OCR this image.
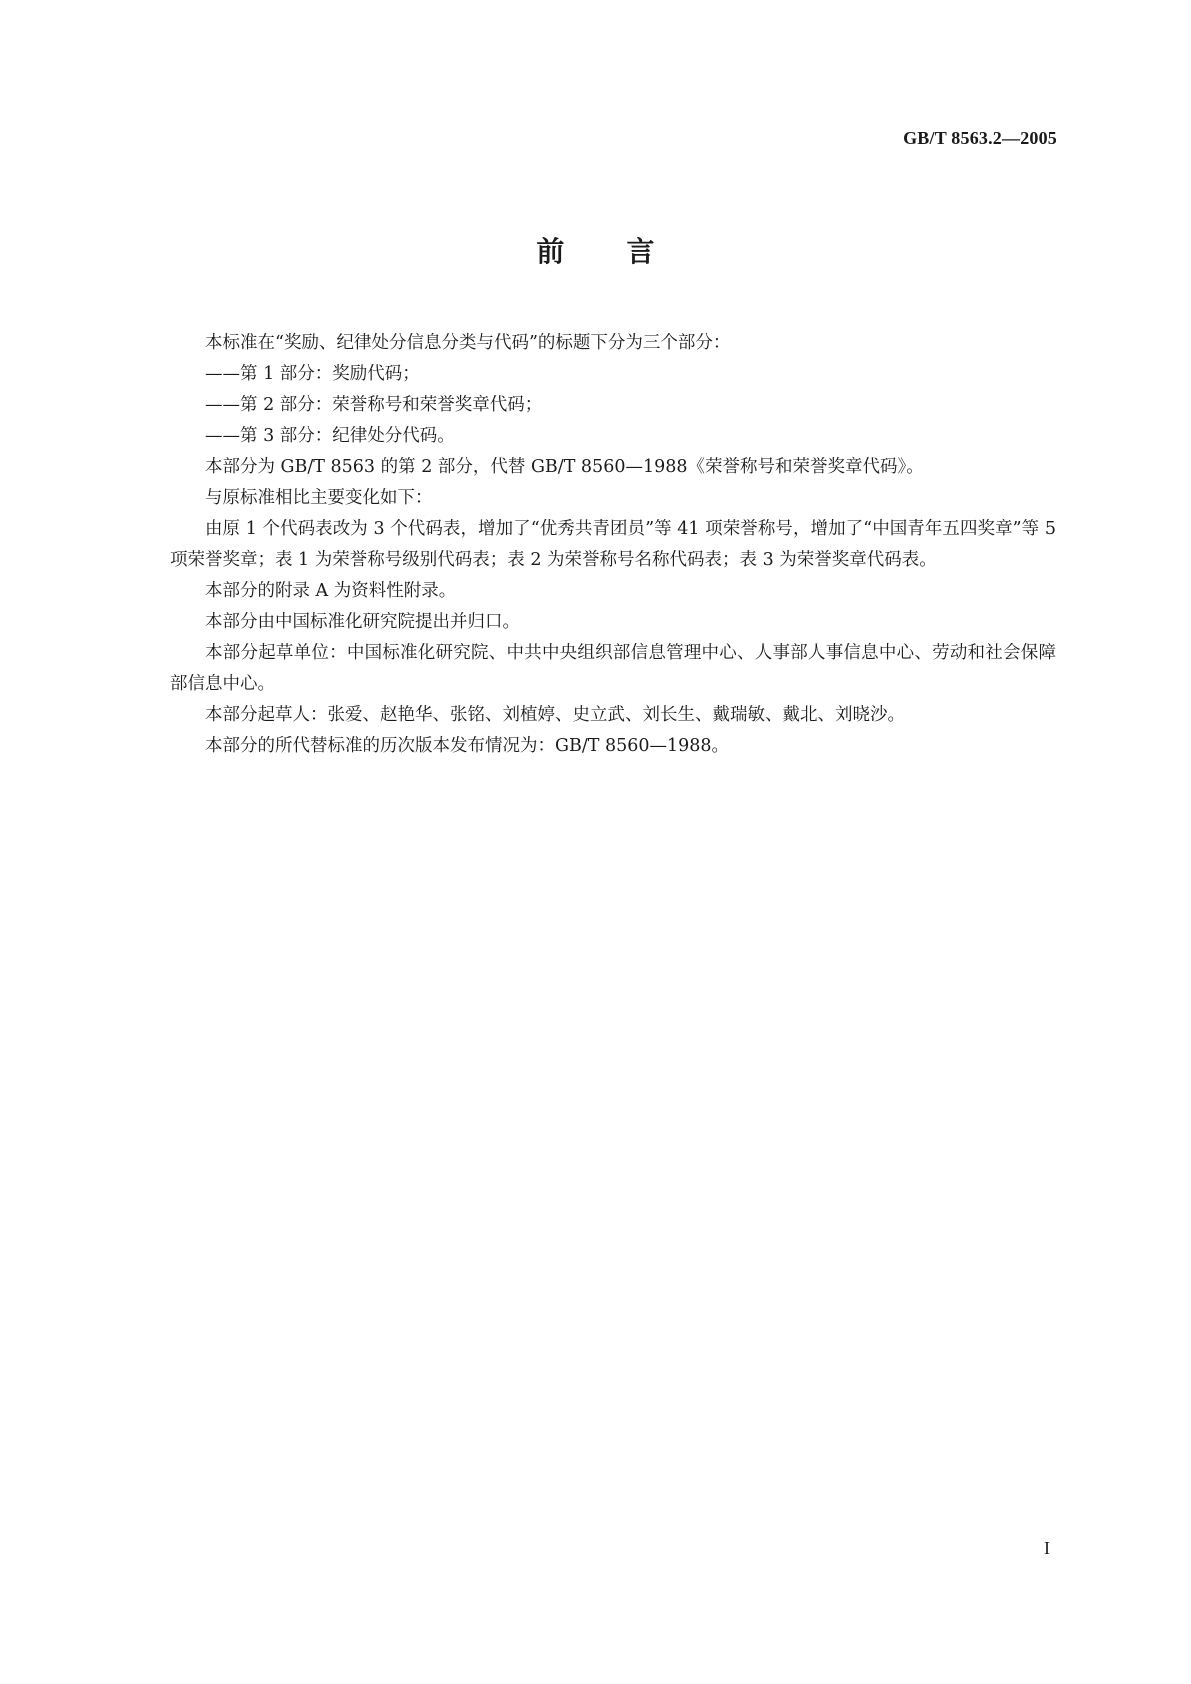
GB/T 8563.2—2005
前 言

本标准在“奖励、纪律处分信息分类与代码”的标题下分为三个部分：

——第 1 部分：奖励代码；

——第 2 部分：荣誉称号和荣誉奖章代码；

——第 3 部分：纪律处分代码。

本部分为 GB/T 8563 的第 2 部分，代替 GB/T 8560—1988《荣誉称号和荣誉奖章代码》。

与原标准相比主要变化如下：

由原 1 个代码表改为 3 个代码表，增加了“优秀共青团员”等 41 项荣誉称号，增加了“中国青年五四奖章”等 5 项荣誉奖章；表 1 为荣誉称号级别代码表；表 2 为荣誉称号名称代码表；表 3 为荣誉奖章代码表。

本部分的附录 A 为资料性附录。

本部分由中国标准化研究院提出并归口。

本部分起草单位：中国标准化研究院、中共中央组织部信息管理中心、人事部人事信息中心、劳动和社会保障部信息中心。

本部分起草人：张爱、赵艳华、张铭、刘植婷、史立武、刘长生、戴瑞敏、戴北、刘晓沙。

本部分的所代替标准的历次版本发布情况为：GB/T 8560—1988。

I
